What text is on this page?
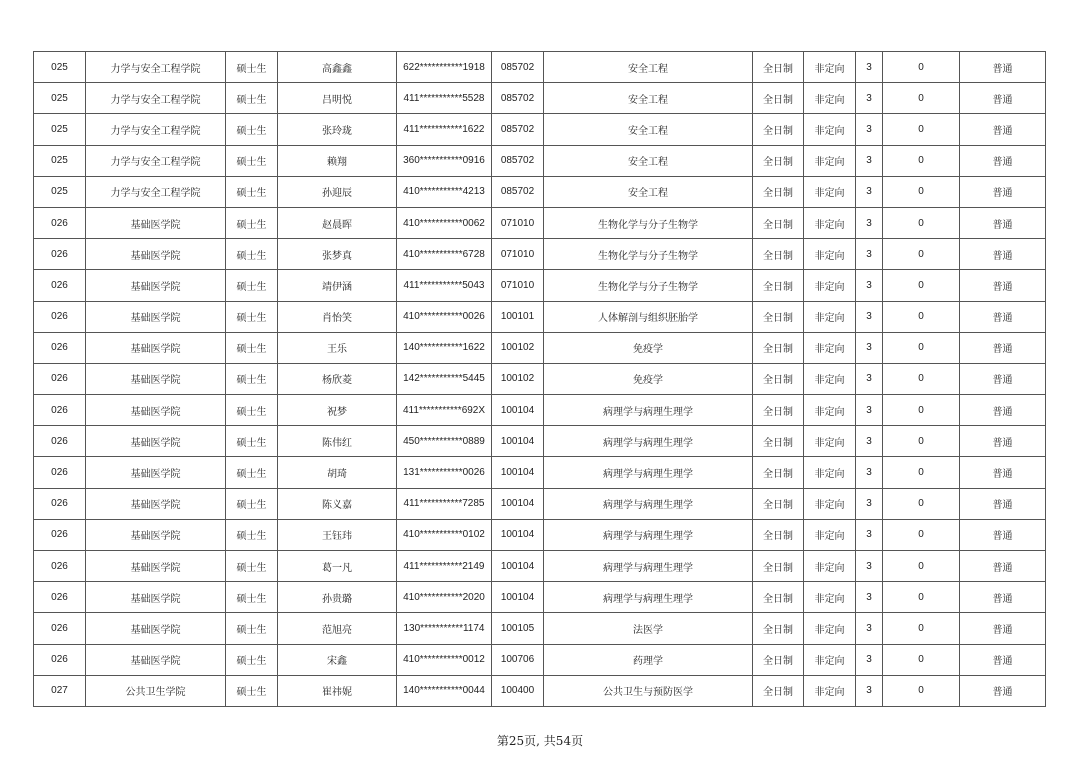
025	力学与安全工程学院	硕士生	高鑫鑫	622***********1918	085702	安全工程	全日制	非定向	3	0	普通
025	力学与安全工程学院	硕士生	吕明悦	411***********5528	085702	安全工程	全日制	非定向	3	0	普通
025	力学与安全工程学院	硕士生	张玲珑	411***********1622	085702	安全工程	全日制	非定向	3	0	普通
025	力学与安全工程学院	硕士生	赖翔	360***********0916	085702	安全工程	全日制	非定向	3	0	普通
025	力学与安全工程学院	硕士生	孙迎辰	410***********4213	085702	安全工程	全日制	非定向	3	0	普通
026	基础医学院	硕士生	赵晨晖	410***********0062	071010	生物化学与分子生物学	全日制	非定向	3	0	普通
026	基础医学院	硕士生	张梦真	410***********6728	071010	生物化学与分子生物学	全日制	非定向	3	0	普通
026	基础医学院	硕士生	靖伊涵	411***********5043	071010	生物化学与分子生物学	全日制	非定向	3	0	普通
026	基础医学院	硕士生	肖怡笑	410***********0026	100101	人体解剖与组织胚胎学	全日制	非定向	3	0	普通
026	基础医学院	硕士生	王乐	140***********1622	100102	免疫学	全日制	非定向	3	0	普通
026	基础医学院	硕士生	杨欣菱	142***********5445	100102	免疫学	全日制	非定向	3	0	普通
026	基础医学院	硕士生	祝梦	411***********692X	100104	病理学与病理生理学	全日制	非定向	3	0	普通
026	基础医学院	硕士生	陈伟红	450***********0889	100104	病理学与病理生理学	全日制	非定向	3	0	普通
026	基础医学院	硕士生	胡琦	131***********0026	100104	病理学与病理生理学	全日制	非定向	3	0	普通
026	基础医学院	硕士生	陈义嘉	411***********7285	100104	病理学与病理生理学	全日制	非定向	3	0	普通
026	基础医学院	硕士生	王钰玮	410***********0102	100104	病理学与病理生理学	全日制	非定向	3	0	普通
026	基础医学院	硕士生	葛一凡	411***********2149	100104	病理学与病理生理学	全日制	非定向	3	0	普通
026	基础医学院	硕士生	孙贵璐	410***********2020	100104	病理学与病理生理学	全日制	非定向	3	0	普通
026	基础医学院	硕士生	范旭亮	130***********1174	100105	法医学	全日制	非定向	3	0	普通
026	基础医学院	硕士生	宋鑫	410***********0012	100706	药理学	全日制	非定向	3	0	普通
027	公共卫生学院	硕士生	崔祎妮	140***********0044	100400	公共卫生与预防医学	全日制	非定向	3	0	普通
第25页, 共54页
